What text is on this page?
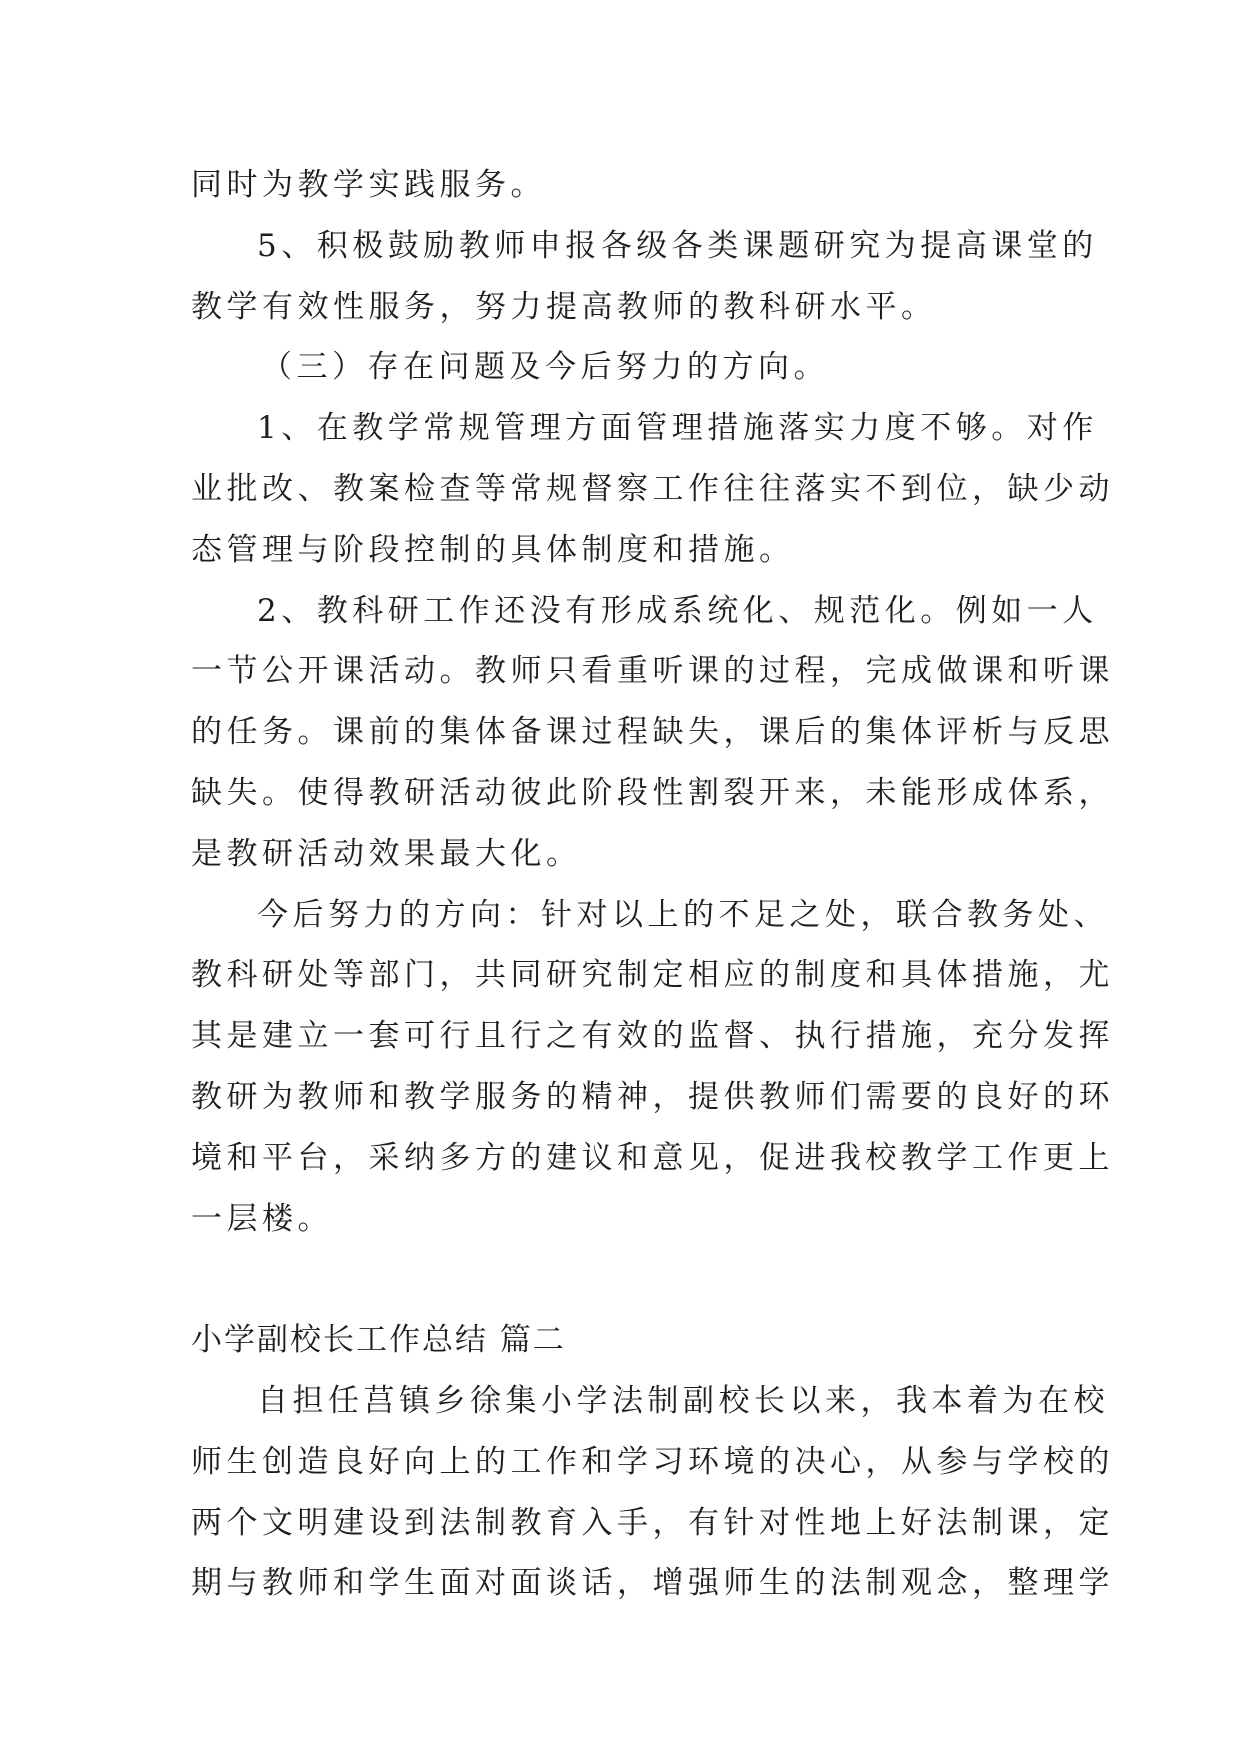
同时为教学实践服务。
5、积极鼓励教师申报各级各类课题研究为提高课堂的
教学有效性服务，努力提高教师的教科研水平。
（三）存在问题及今后努力的方向。
1、在教学常规管理方面管理措施落实力度不够。对作
业批改、教案检查等常规督察工作往往落实不到位，缺少动
态管理与阶段控制的具体制度和措施。
2、教科研工作还没有形成系统化、规范化。例如一人
一节公开课活动。教师只看重听课的过程，完成做课和听课
的任务。课前的集体备课过程缺失，课后的集体评析与反思
缺失。使得教研活动彼此阶段性割裂开来，未能形成体系，
是教研活动效果最大化。
今后努力的方向：针对以上的不足之处，联合教务处、
教科研处等部门，共同研究制定相应的制度和具体措施，尤
其是建立一套可行且行之有效的监督、执行措施，充分发挥
教研为教师和教学服务的精神，提供教师们需要的良好的环
境和平台，采纳多方的建议和意见，促进我校教学工作更上
一层楼。
小学副校长工作总结 篇二
自担任莒镇乡徐集小学法制副校长以来，我本着为在校
师生创造良好向上的工作和学习环境的决心，从参与学校的
两个文明建设到法制教育入手，有针对性地上好法制课，定
期与教师和学生面对面谈话，增强师生的法制观念，整理学
